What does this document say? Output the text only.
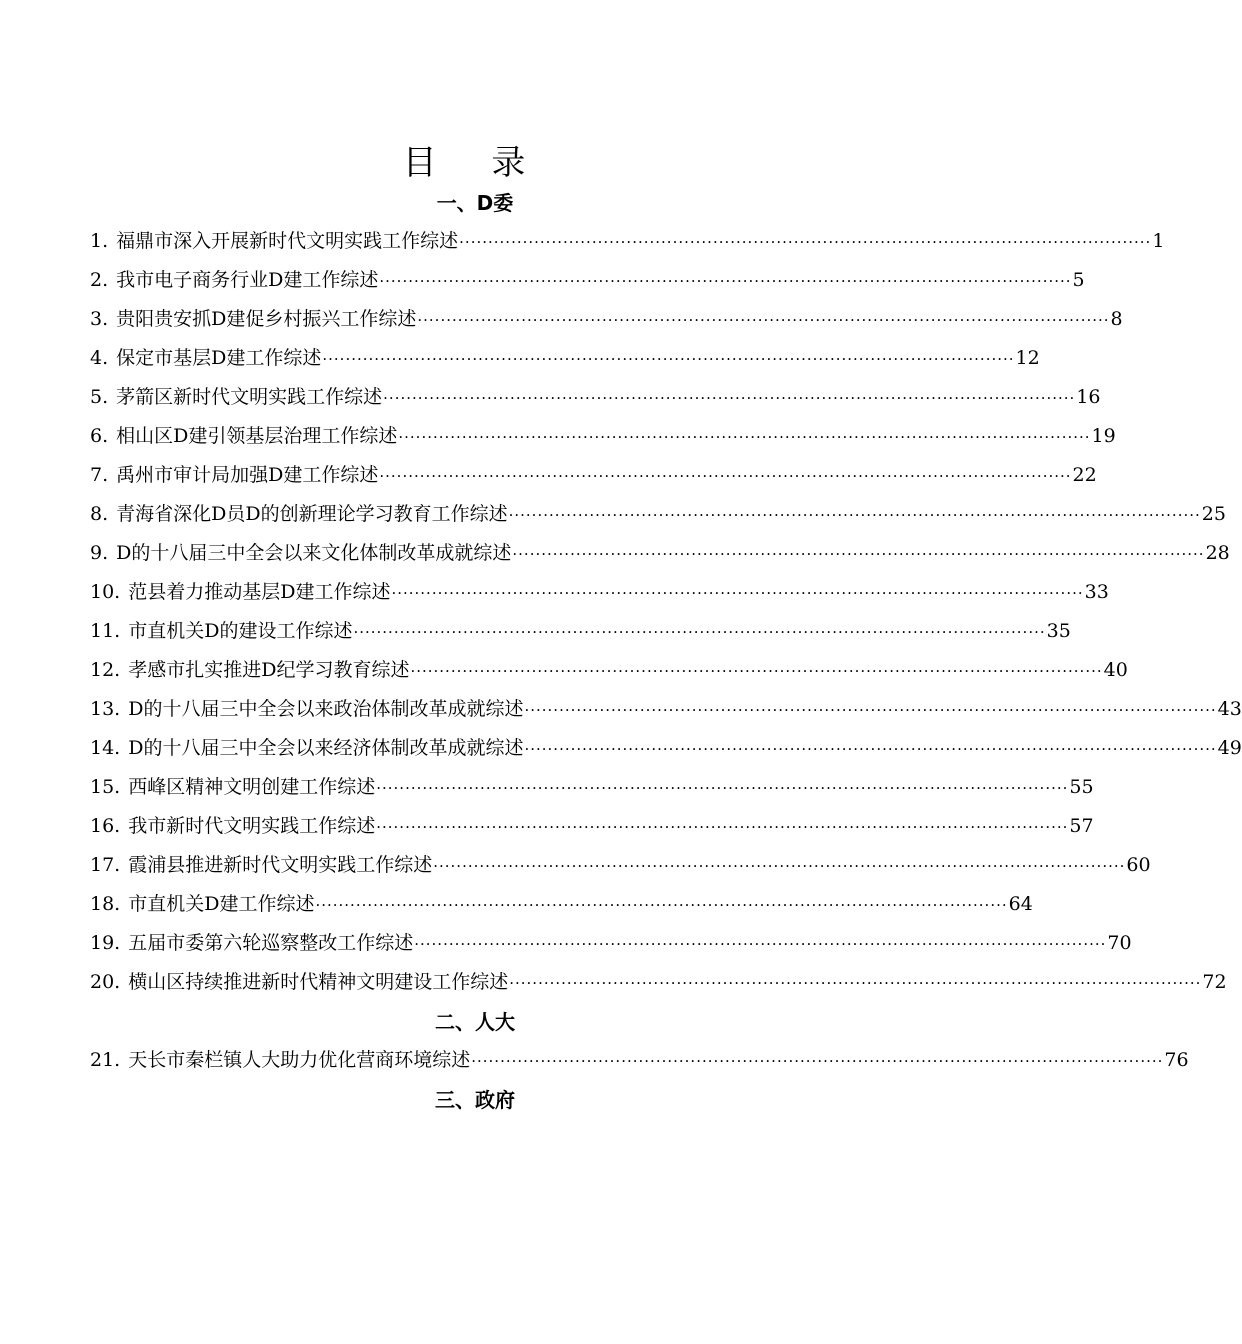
目 录
一、D委
1. 福鼎市深入开展新时代文明实践工作综述 ························································································································ 1
2. 我市电子商务行业D建工作综述 ························································································································ 5
3. 贵阳贵安抓D建促乡村振兴工作综述 ························································································································ 8
4. 保定市基层D建工作综述 ························································································································ 12
5. 茅箭区新时代文明实践工作综述 ························································································································ 16
6. 相山区D建引领基层治理工作综述 ························································································································ 19
7. 禹州市审计局加强D建工作综述 ························································································································ 22
8. 青海省深化D员D的创新理论学习教育工作综述 ························································································································ 25
9. D的十八届三中全会以来文化体制改革成就综述 ························································································································ 28
10. 范县着力推动基层D建工作综述 ························································································································ 33
11. 市直机关D的建设工作综述 ························································································································ 35
12. 孝感市扎实推进D纪学习教育综述 ························································································································ 40
13. D的十八届三中全会以来政治体制改革成就综述 ························································································································ 43
14. D的十八届三中全会以来经济体制改革成就综述 ························································································································ 49
15. 西峰区精神文明创建工作综述 ························································································································ 55
16. 我市新时代文明实践工作综述 ························································································································ 57
17. 霞浦县推进新时代文明实践工作综述 ························································································································ 60
18. 市直机关D建工作综述 ························································································································ 64
19. 五届市委第六轮巡察整改工作综述 ························································································································ 70
20. 横山区持续推进新时代精神文明建设工作综述 ························································································································ 72
二、人大
21. 天长市秦栏镇人大助力优化营商环境综述 ························································································································ 76
三、政府
